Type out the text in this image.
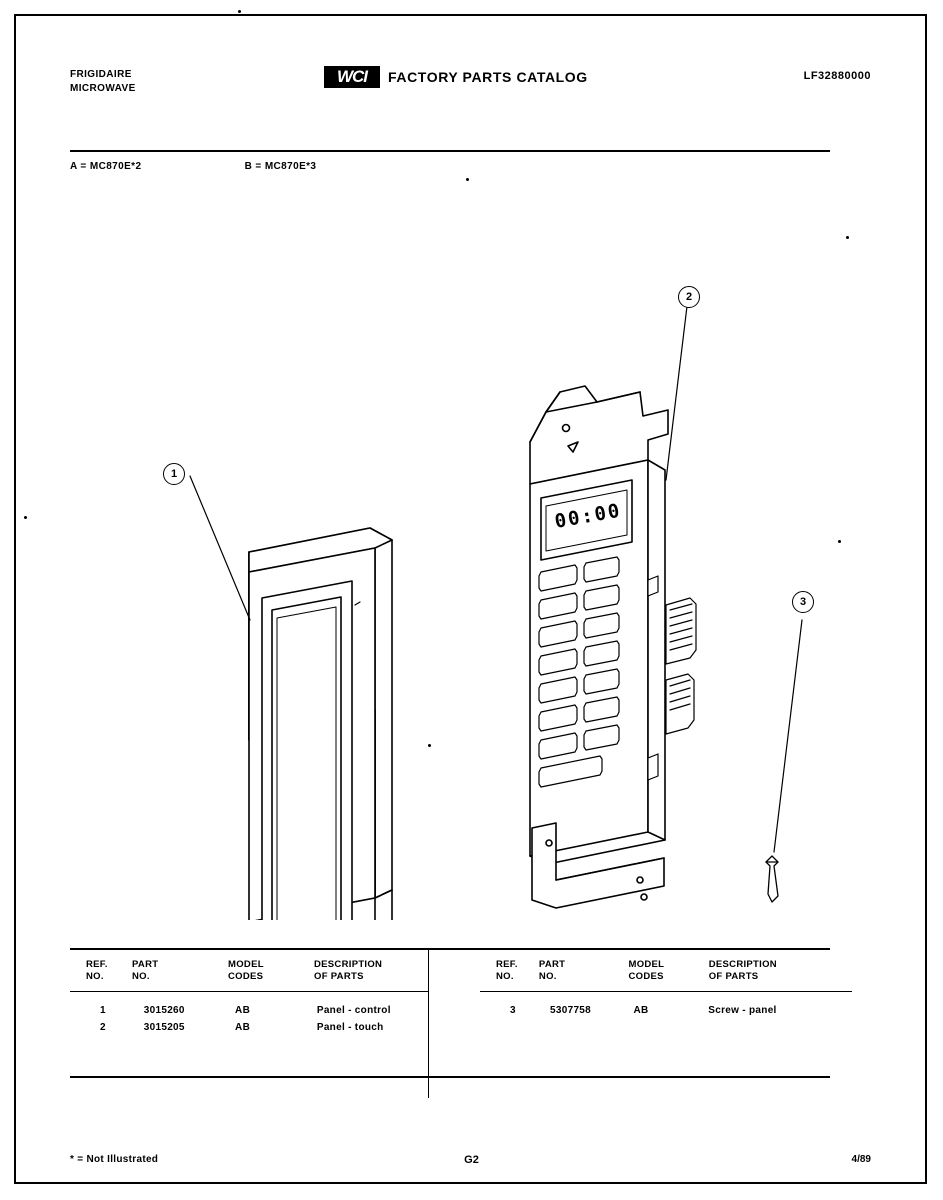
FRIGIDAIRE
MICROWAVE
WCI	FACTORY PARTS CATALOG	LF32880000
A = MC870E*2	B = MC870E*3
00:00
1
2
3
REF.
NO.
PART
NO.
MODEL
CODES
DESCRIPTION
OF PARTS
1	3015260	AB	Panel - control
2	3015205	AB	Panel - touch
REF.
NO.
PART
NO.
MODEL
CODES
DESCRIPTION
OF PARTS
3	5307758	AB	Screw - panel
* = Not Illustrated	G2	4/89
